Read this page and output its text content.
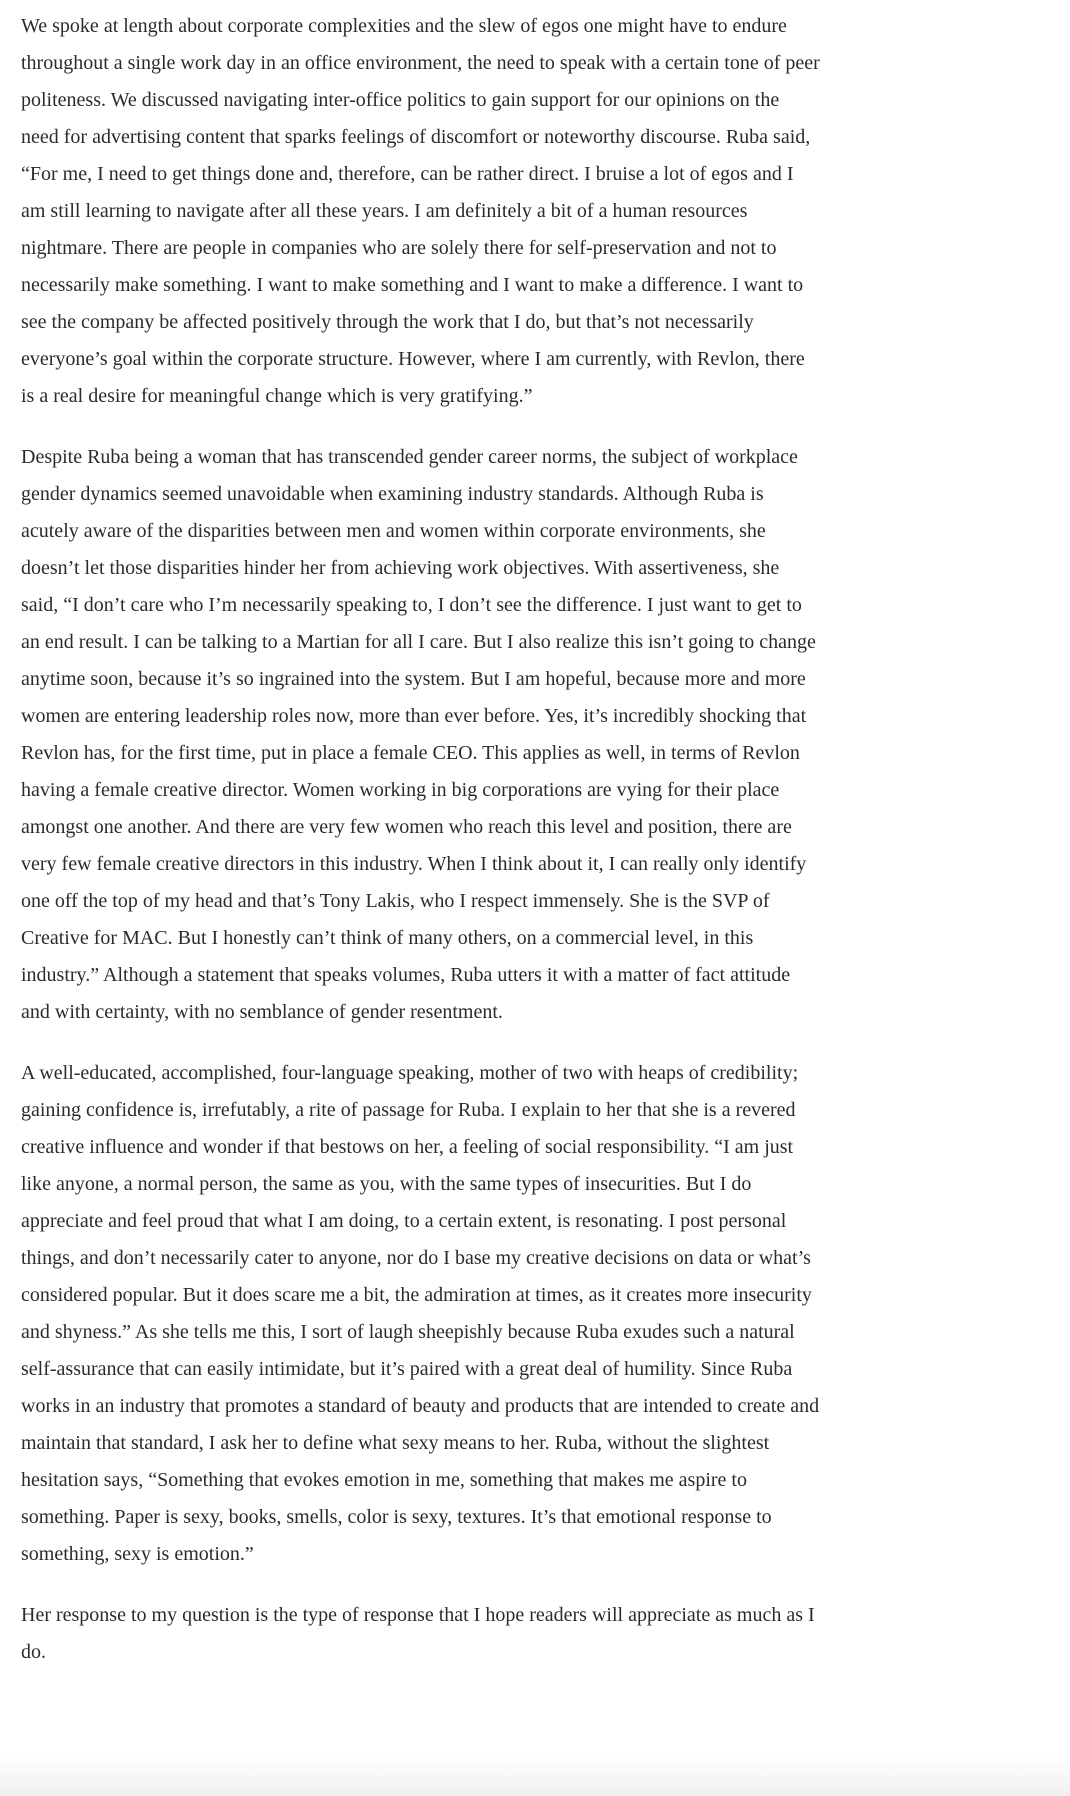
We spoke at length about corporate complexities and the slew of egos one might have to endure throughout a single work day in an office environment, the need to speak with a certain tone of peer politeness. We discussed navigating inter-office politics to gain support for our opinions on the need for advertising content that sparks feelings of discomfort or noteworthy discourse. Ruba said, “For me, I need to get things done and, therefore, can be rather direct. I bruise a lot of egos and I am still learning to navigate after all these years. I am definitely a bit of a human resources nightmare. There are people in companies who are solely there for self-preservation and not to necessarily make something. I want to make something and I want to make a difference. I want to see the company be affected positively through the work that I do, but that’s not necessarily everyone’s goal within the corporate structure. However, where I am currently, with Revlon, there is a real desire for meaningful change which is very gratifying.”

Despite Ruba being a woman that has transcended gender career norms, the subject of workplace gender dynamics seemed unavoidable when examining industry standards. Although Ruba is acutely aware of the disparities between men and women within corporate environments, she doesn’t let those disparities hinder her from achieving work objectives. With assertiveness, she said, “I don’t care who I’m necessarily speaking to, I don’t see the difference. I just want to get to an end result. I can be talking to a Martian for all I care. But I also realize this isn’t going to change anytime soon, because it’s so ingrained into the system. But I am hopeful, because more and more women are entering leadership roles now, more than ever before. Yes, it’s incredibly shocking that Revlon has, for the first time, put in place a female CEO. This applies as well, in terms of Revlon having a female creative director. Women working in big corporations are vying for their place amongst one another. And there are very few women who reach this level and position, there are very few female creative directors in this industry. When I think about it, I can really only identify one off the top of my head and that’s Tony Lakis, who I respect immensely. She is the SVP of Creative for MAC. But I honestly can’t think of many others, on a commercial level, in this industry.” Although a statement that speaks volumes, Ruba utters it with a matter of fact attitude and with certainty, with no semblance of gender resentment.

A well-educated, accomplished, four-language speaking, mother of two with heaps of credibility; gaining confidence is, irrefutably, a rite of passage for Ruba. I explain to her that she is a revered creative influence and wonder if that bestows on her, a feeling of social responsibility. “I am just like anyone, a normal person, the same as you, with the same types of insecurities. But I do appreciate and feel proud that what I am doing, to a certain extent, is resonating. I post personal things, and don’t necessarily cater to anyone, nor do I base my creative decisions on data or what’s considered popular. But it does scare me a bit, the admiration at times, as it creates more insecurity and shyness.” As she tells me this, I sort of laugh sheepishly because Ruba exudes such a natural self-assurance that can easily intimidate, but it’s paired with a great deal of humility. Since Ruba works in an industry that promotes a standard of beauty and products that are intended to create and maintain that standard, I ask her to define what sexy means to her. Ruba, without the slightest hesitation says, “Something that evokes emotion in me, something that makes me aspire to something. Paper is sexy, books, smells, color is sexy, textures. It’s that emotional response to something, sexy is emotion.”

Her response to my question is the type of response that I hope readers will appreciate as much as I do.
